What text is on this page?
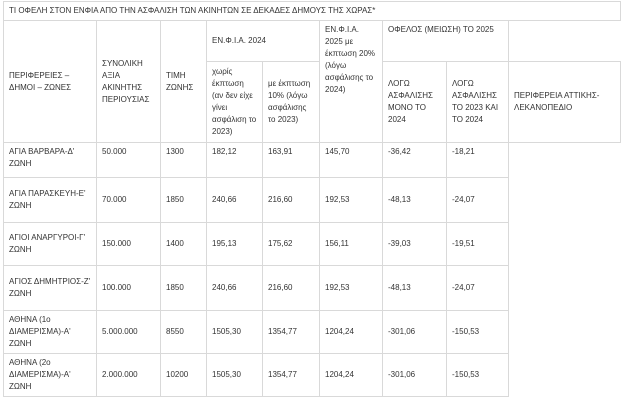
ΤΙ ΟΦΕΛΗ ΣΤΟΝ ΕΝΦΙΑ ΑΠΟ ΤΗΝ ΑΣΦΑΛΙΣΗ ΤΩΝ ΑΚΙΝΗΤΩΝ ΣΕ ΔΕΚΑΔΕΣ ΔΗΜΟΥΣ ΤΗΣ ΧΩΡΑΣ*								
ΠΕΡΙΦΕΡΕΙΕΣ – ΔΗΜΟΙ – ΖΩΝΕΣ	ΣΥΝΟΛΙΚΗ ΑΞΙΑ ΑΚΙΝΗΤΗΣ ΠΕΡΙΟΥΣΙΑΣ	ΤΙΜΗ ΖΩΝΗΣ	ΕΝ.Φ.Ι.Α. 2024		ΕΝ.Φ.Ι.Α. 2025 με έκπτωση 20% (λόγω ασφάλισης το 2024)	ΟΦΕΛΟΣ (ΜΕΙΩΣΗ) ΤΟ 2025		
			χωρίς έκπτωση (αν δεν είχε γίνει ασφάλιση το 2023)	με έκπτωση 10% (λόγω ασφάλισης το 2023)		ΛΟΓΩ ΑΣΦΑΛΙΣΗΣ ΜΟΝΟ ΤΟ 2024	ΛΟΓΩ ΑΣΦΑΛΙΣΗΣ ΤΟ 2023 ΚΑΙ ΤΟ 2024	ΠΕΡΙΦΕΡΕΙΑ ΑΤΤΙΚΗΣ-ΛΕΚΑΝΟΠΕΔΙΟ
ΑΓΙΑ ΒΑΡΒΑΡΑ-Δ' ΖΩΝΗ	50.000	1300	182,12	163,91	145,70	-36,42	-18,21	
ΑΓΙΑ ΠΑΡΑΣΚΕΥΗ-Ε' ΖΩΝΗ	70.000	1850	240,66	216,60	192,53	-48,13	-24,07	
ΑΓΙΟΙ ΑΝΑΡΓΥΡΟΙ-Γ' ΖΩΝΗ	150.000	1400	195,13	175,62	156,11	-39,03	-19,51	
ΑΓΙΟΣ ΔΗΜΗΤΡΙΟΣ-Ζ' ΖΩΝΗ	100.000	1850	240,66	216,60	192,53	-48,13	-24,07	
ΑΘΗΝΑ (1ο ΔΙΑΜΕΡΙΣΜΑ)-Α' ΖΩΝΗ	5.000.000	8550	1505,30	1354,77	1204,24	-301,06	-150,53	
ΑΘΗΝΑ (2ο ΔΙΑΜΕΡΙΣΜΑ)-Α' ΖΩΝΗ	2.000.000	10200	1505,30	1354,77	1204,24	-301,06	-150,53	
